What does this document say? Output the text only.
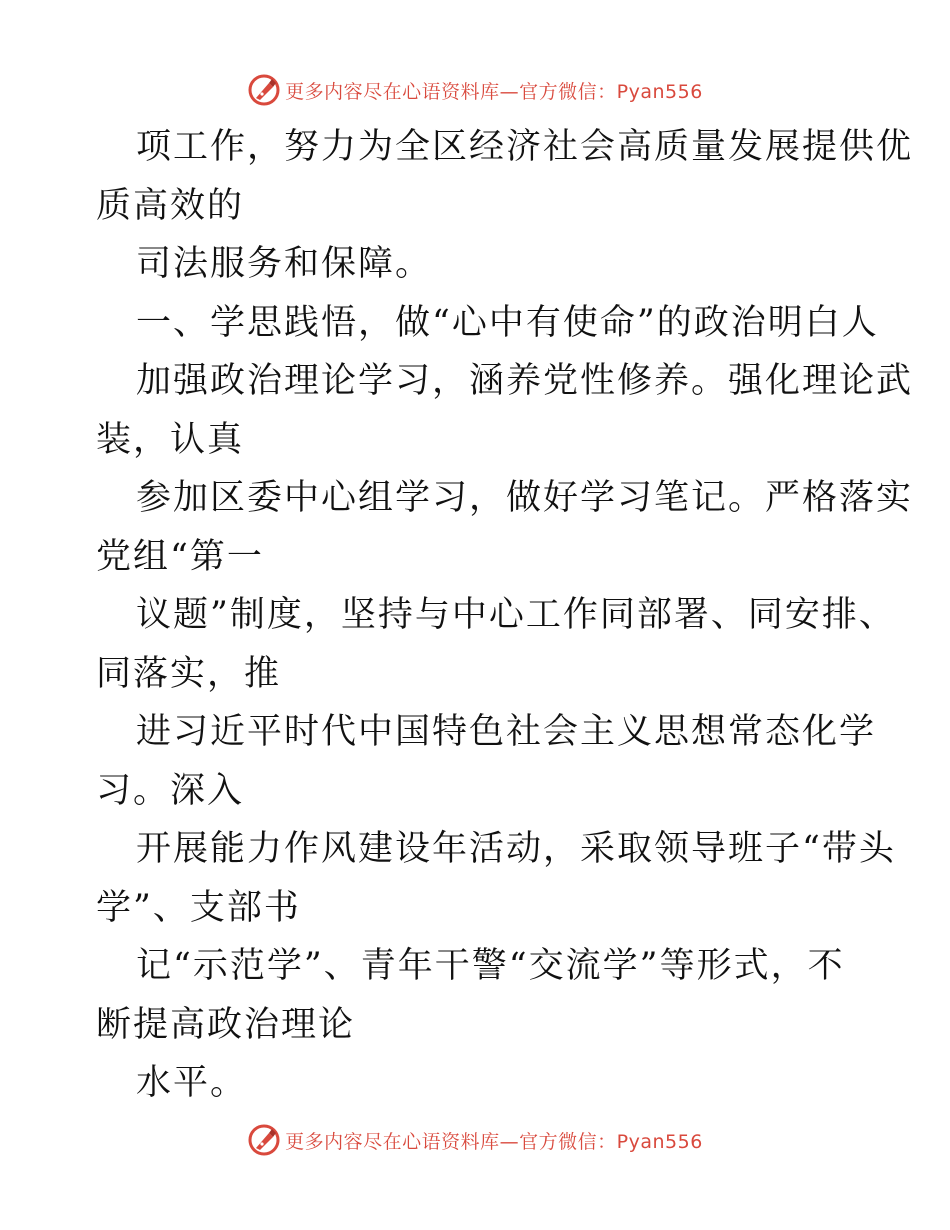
更多内容尽在心语资料库—官方微信：Pyan556

项工作，努力为全区经济社会高质量发展提供优

质高效的

司法服务和保障。

一、学思践悟，做“心中有使命”的政治明白人

加强政治理论学习，涵养党性修养。强化理论武

装，认真

参加区委中心组学习，做好学习笔记。严格落实

党组“第一

议题”制度，坚持与中心工作同部署、同安排、

同落实，推

进习近平时代中国特色社会主义思想常态化学

习。深入

开展能力作风建设年活动，采取领导班子“带头

学”、支部书

记“示范学”、青年干警“交流学”等形式，不

断提高政治理论

水平。

更多内容尽在心语资料库—官方微信：Pyan556
